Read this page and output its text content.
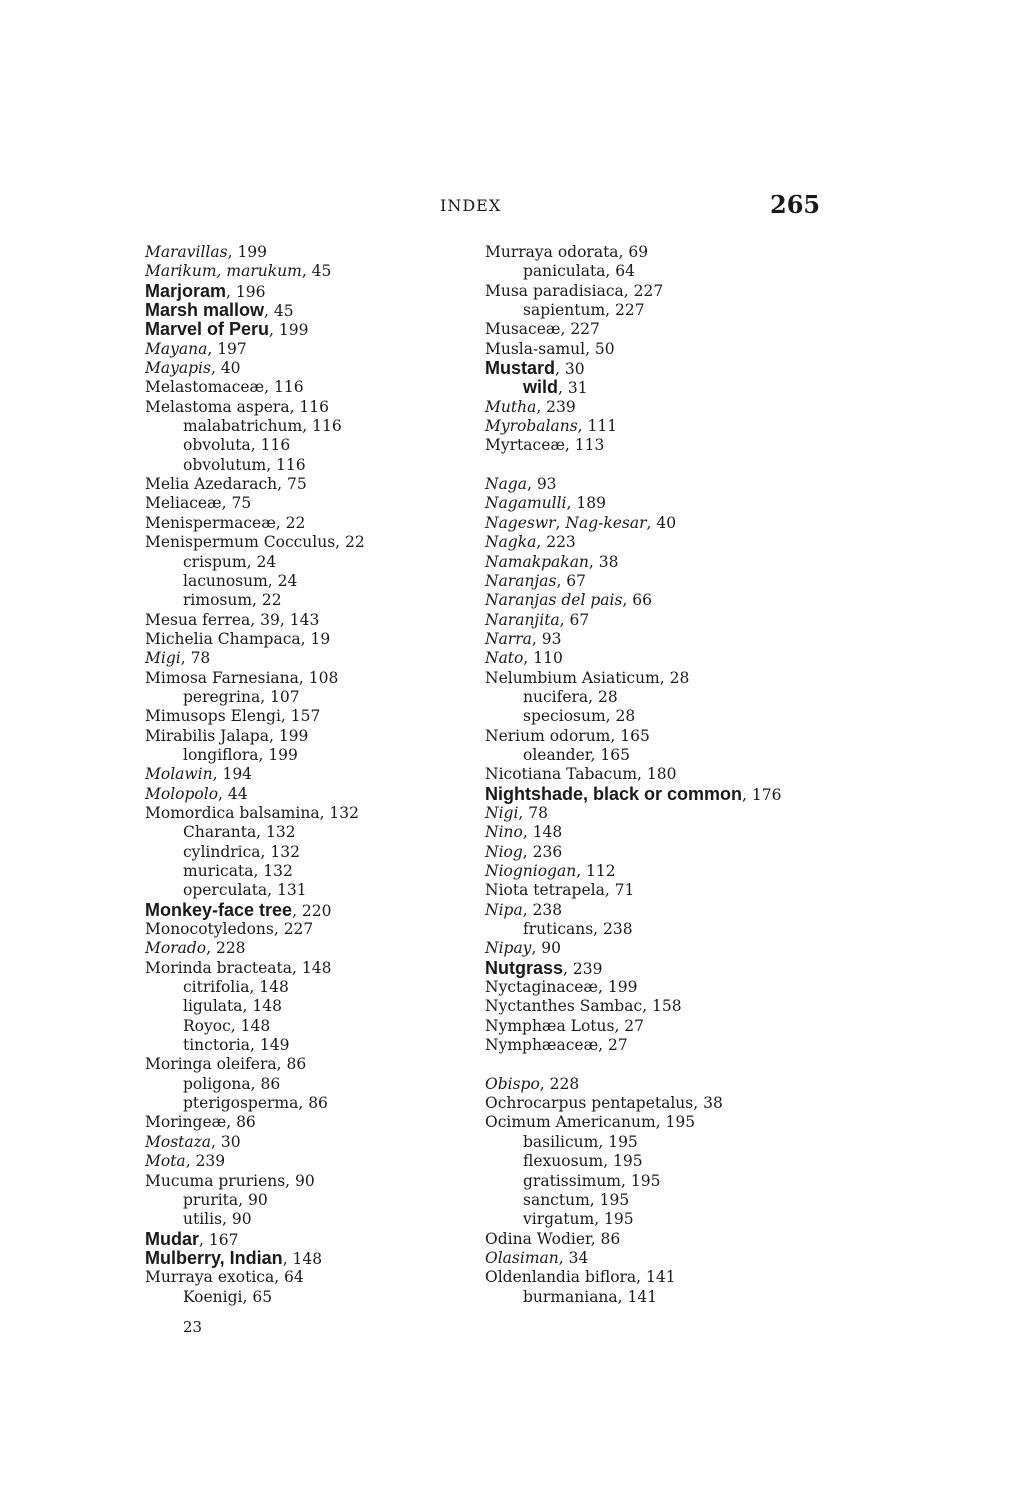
INDEX	265
Maravillas, 199
Marikum, marukum, 45
Marjoram, 196
Marsh mallow, 45
Marvel of Peru, 199
Mayana, 197
Mayapis, 40
Melastomaceæ, 116
Melastoma aspera, 116
malabatrichum, 116
obvoluta, 116
obvolutum, 116
Melia Azedarach, 75
Meliaceæ, 75
Menispermaceæ, 22
Menispermum Cocculus, 22
crispum, 24
lacunosum, 24
rimosum, 22
Mesua ferrea, 39, 143
Michelia Champaca, 19
Migi, 78
Mimosa Farnesiana, 108
peregrina, 107
Mimusops Elengi, 157
Mirabilis Jalapa, 199
longiflora, 199
Molawin, 194
Molopolo, 44
Momordica balsamina, 132
Charanta, 132
cylindrica, 132
muricata, 132
operculata, 131
Monkey-face tree, 220
Monocotyledons, 227
Morado, 228
Morinda bracteata, 148
citrifolia, 148
ligulata, 148
Royoc, 148
tinctoria, 149
Moringa oleifera, 86
poligona, 86
pterigosperma, 86
Moringeæ, 86
Mostaza, 30
Mota, 239
Mucuma pruriens, 90
prurita, 90
utilis, 90
Mudar, 167
Mulberry, Indian, 148
Murraya exotica, 64
Koenigi, 65
Murraya odorata, 69
paniculata, 64
Musa paradisiaca, 227
sapientum, 227
Musaceæ, 227
Musla-samul, 50
Mustard, 30
wild, 31
Mutha, 239
Myrobalans, 111
Myrtaceæ, 113
Naga, 93
Nagamulli, 189
Nageswr, Nag-kesar, 40
Nagka, 223
Namakpakan, 38
Naranjas, 67
Naranjas del pais, 66
Naranjita, 67
Narra, 93
Nato, 110
Nelumbium Asiaticum, 28
nucifera, 28
speciosum, 28
Nerium odorum, 165
oleander, 165
Nicotiana Tabacum, 180
Nightshade, black or common, 176
Nigi, 78
Nino, 148
Niog, 236
Niogniogan, 112
Niota tetrapela, 71
Nipa, 238
fruticans, 238
Nipay, 90
Nutgrass, 239
Nyctaginaceæ, 199
Nyctanthes Sambac, 158
Nymphæa Lotus, 27
Nymphæaceæ, 27
Obispo, 228
Ochrocarpus pentapetalus, 38
Ocimum Americanum, 195
basilicum, 195
flexuosum, 195
gratissimum, 195
sanctum, 195
virgatum, 195
Odina Wodier, 86
Olasiman, 34
Oldenlandia biflora, 141
burmaniana, 141
23
